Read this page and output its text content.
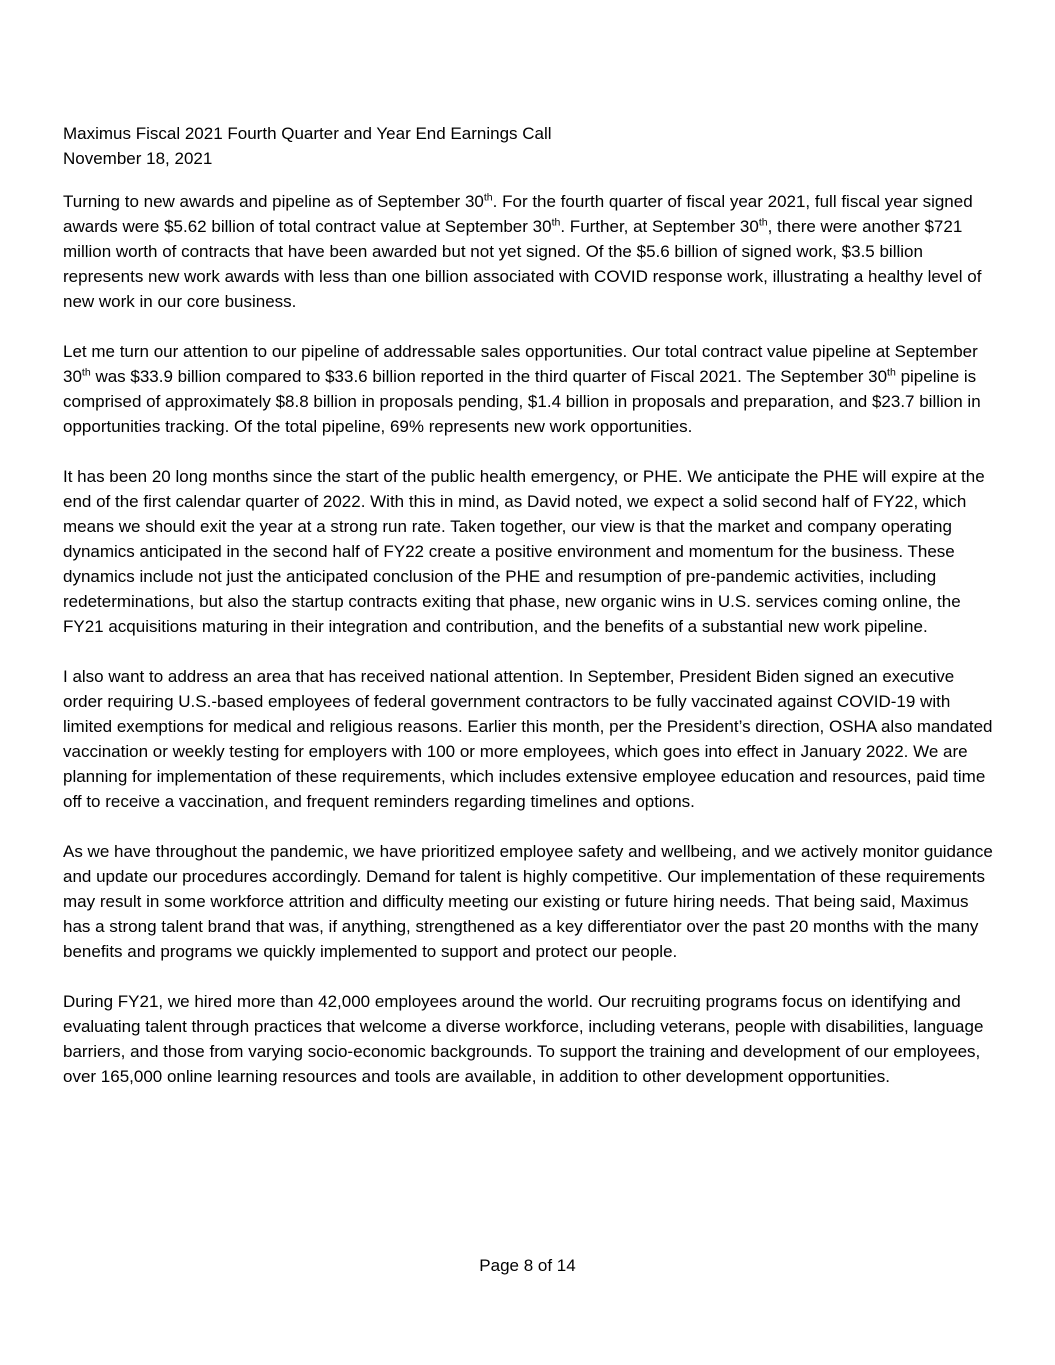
Maximus Fiscal 2021 Fourth Quarter and Year End Earnings Call
November 18, 2021

Turning to new awards and pipeline as of September 30th. For the fourth quarter of fiscal year 2021, full fiscal year signed awards were $5.62 billion of total contract value at September 30th. Further, at September 30th, there were another $721 million worth of contracts that have been awarded but not yet signed. Of the $5.6 billion of signed work, $3.5 billion represents new work awards with less than one billion associated with COVID response work, illustrating a healthy level of new work in our core business.

Let me turn our attention to our pipeline of addressable sales opportunities. Our total contract value pipeline at September 30th was $33.9 billion compared to $33.6 billion reported in the third quarter of Fiscal 2021. The September 30th pipeline is comprised of approximately $8.8 billion in proposals pending, $1.4 billion in proposals and preparation, and $23.7 billion in opportunities tracking. Of the total pipeline, 69% represents new work opportunities.

It has been 20 long months since the start of the public health emergency, or PHE. We anticipate the PHE will expire at the end of the first calendar quarter of 2022. With this in mind, as David noted, we expect a solid second half of FY22, which means we should exit the year at a strong run rate. Taken together, our view is that the market and company operating dynamics anticipated in the second half of FY22 create a positive environment and momentum for the business. These dynamics include not just the anticipated conclusion of the PHE and resumption of pre-pandemic activities, including redeterminations, but also the startup contracts exiting that phase, new organic wins in U.S. services coming online, the FY21 acquisitions maturing in their integration and contribution, and the benefits of a substantial new work pipeline.

I also want to address an area that has received national attention. In September, President Biden signed an executive order requiring U.S.-based employees of federal government contractors to be fully vaccinated against COVID-19 with limited exemptions for medical and religious reasons. Earlier this month, per the President’s direction, OSHA also mandated vaccination or weekly testing for employers with 100 or more employees, which goes into effect in January 2022. We are planning for implementation of these requirements, which includes extensive employee education and resources, paid time off to receive a vaccination, and frequent reminders regarding timelines and options.

As we have throughout the pandemic, we have prioritized employee safety and wellbeing, and we actively monitor guidance and update our procedures accordingly. Demand for talent is highly competitive. Our implementation of these requirements may result in some workforce attrition and difficulty meeting our existing or future hiring needs. That being said, Maximus has a strong talent brand that was, if anything, strengthened as a key differentiator over the past 20 months with the many benefits and programs we quickly implemented to support and protect our people.

During FY21, we hired more than 42,000 employees around the world. Our recruiting programs focus on identifying and evaluating talent through practices that welcome a diverse workforce, including veterans, people with disabilities, language barriers, and those from varying socio-economic backgrounds. To support the training and development of our employees, over 165,000 online learning resources and tools are available, in addition to other development opportunities.

Page 8 of 14
